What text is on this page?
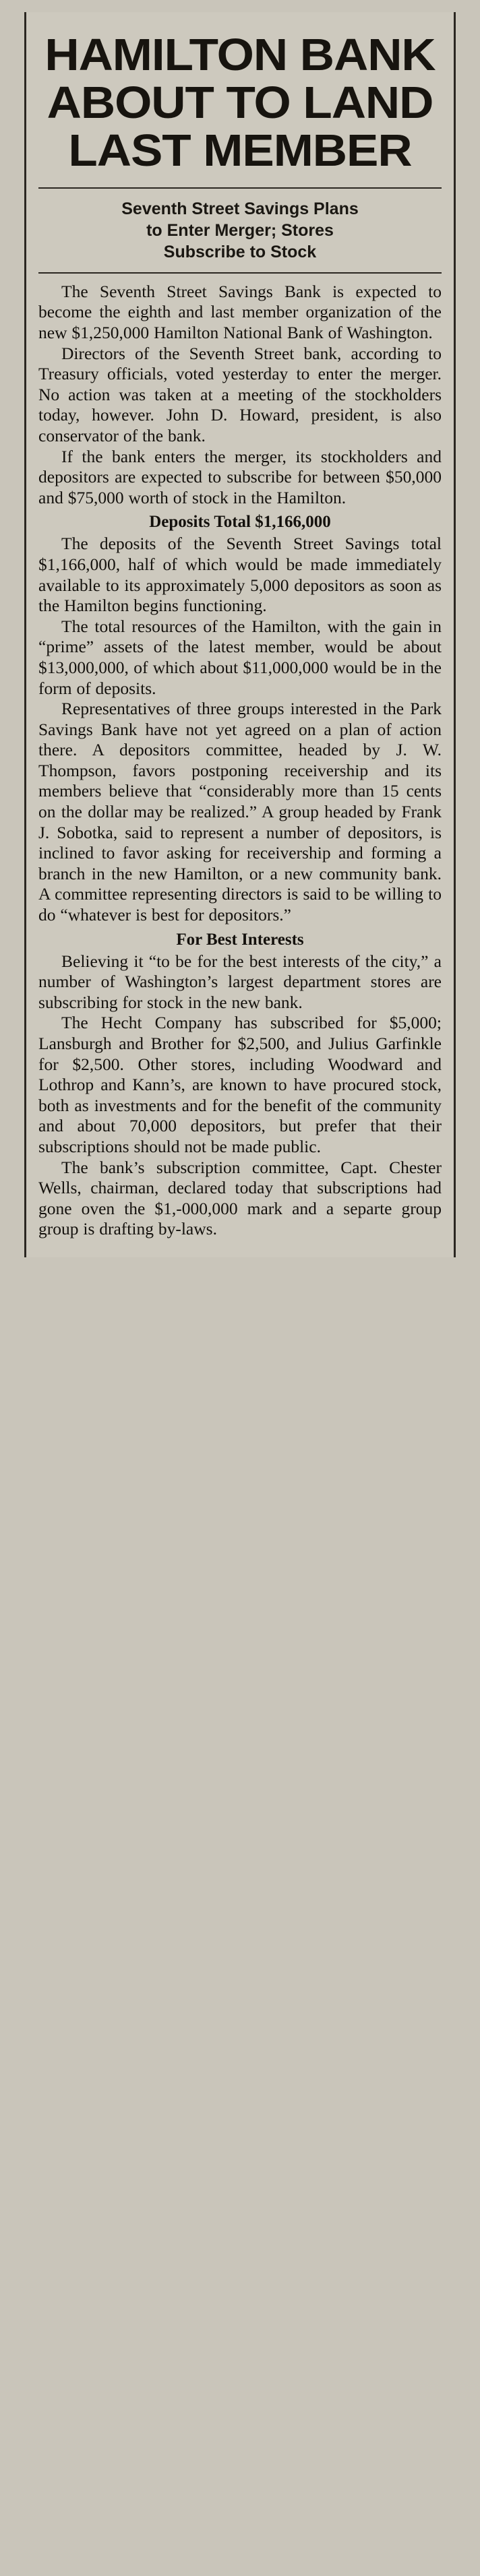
HAMILTON BANK
ABOUT TO LAND
LAST MEMBER
Seventh Street Savings Plans
to Enter Merger; Stores
Subscribe to Stock

The Seventh Street Savings Bank is expected to become the eighth and last member organization of the new $1,250,000 Hamilton National Bank of Washington.

Directors of the Seventh Street bank, according to Treasury officials, voted yesterday to enter the merger. No action was taken at a meeting of the stockholders today, however. John D. Howard, president, is also conservator of the bank.

If the bank enters the merger, its stockholders and depositors are expected to subscribe for between $50,000 and $75,000 worth of stock in the Hamilton.

Deposits Total $1,166,000

The deposits of the Seventh Street Savings total $1,166,000, half of which would be made immediately available to its approximately 5,000 depositors as soon as the Hamilton begins functioning.

The total resources of the Hamilton, with the gain in “prime” assets of the latest member, would be about $13,000,000, of which about $11,000,000 would be in the form of deposits.

Representatives of three groups interested in the Park Savings Bank have not yet agreed on a plan of action there. A depositors committee, headed by J. W. Thompson, favors postponing receivership and its members believe that “considerably more than 15 cents on the dollar may be realized.” A group headed by Frank J. Sobotka, said to represent a number of depositors, is inclined to favor asking for receivership and forming a branch in the new Hamilton, or a new community bank. A committee representing directors is said to be willing to do “whatever is best for depositors.”

For Best Interests

Believing it “to be for the best interests of the city,” a number of Washington’s largest department stores are subscribing for stock in the new bank.

The Hecht Company has subscribed for $5,000; Lansburgh and Brother for $2,500, and Julius Garfinkle for $2,500. Other stores, including Woodward and Lothrop and Kann’s, are known to have procured stock, both as investments and for the benefit of the community and about 70,000 depositors, but prefer that their subscriptions should not be made public.

The bank’s subscription committee, Capt. Chester Wells, chairman, declared today that subscriptions had gone oven the $1,-000,000 mark and a separte group group is drafting by-laws.
